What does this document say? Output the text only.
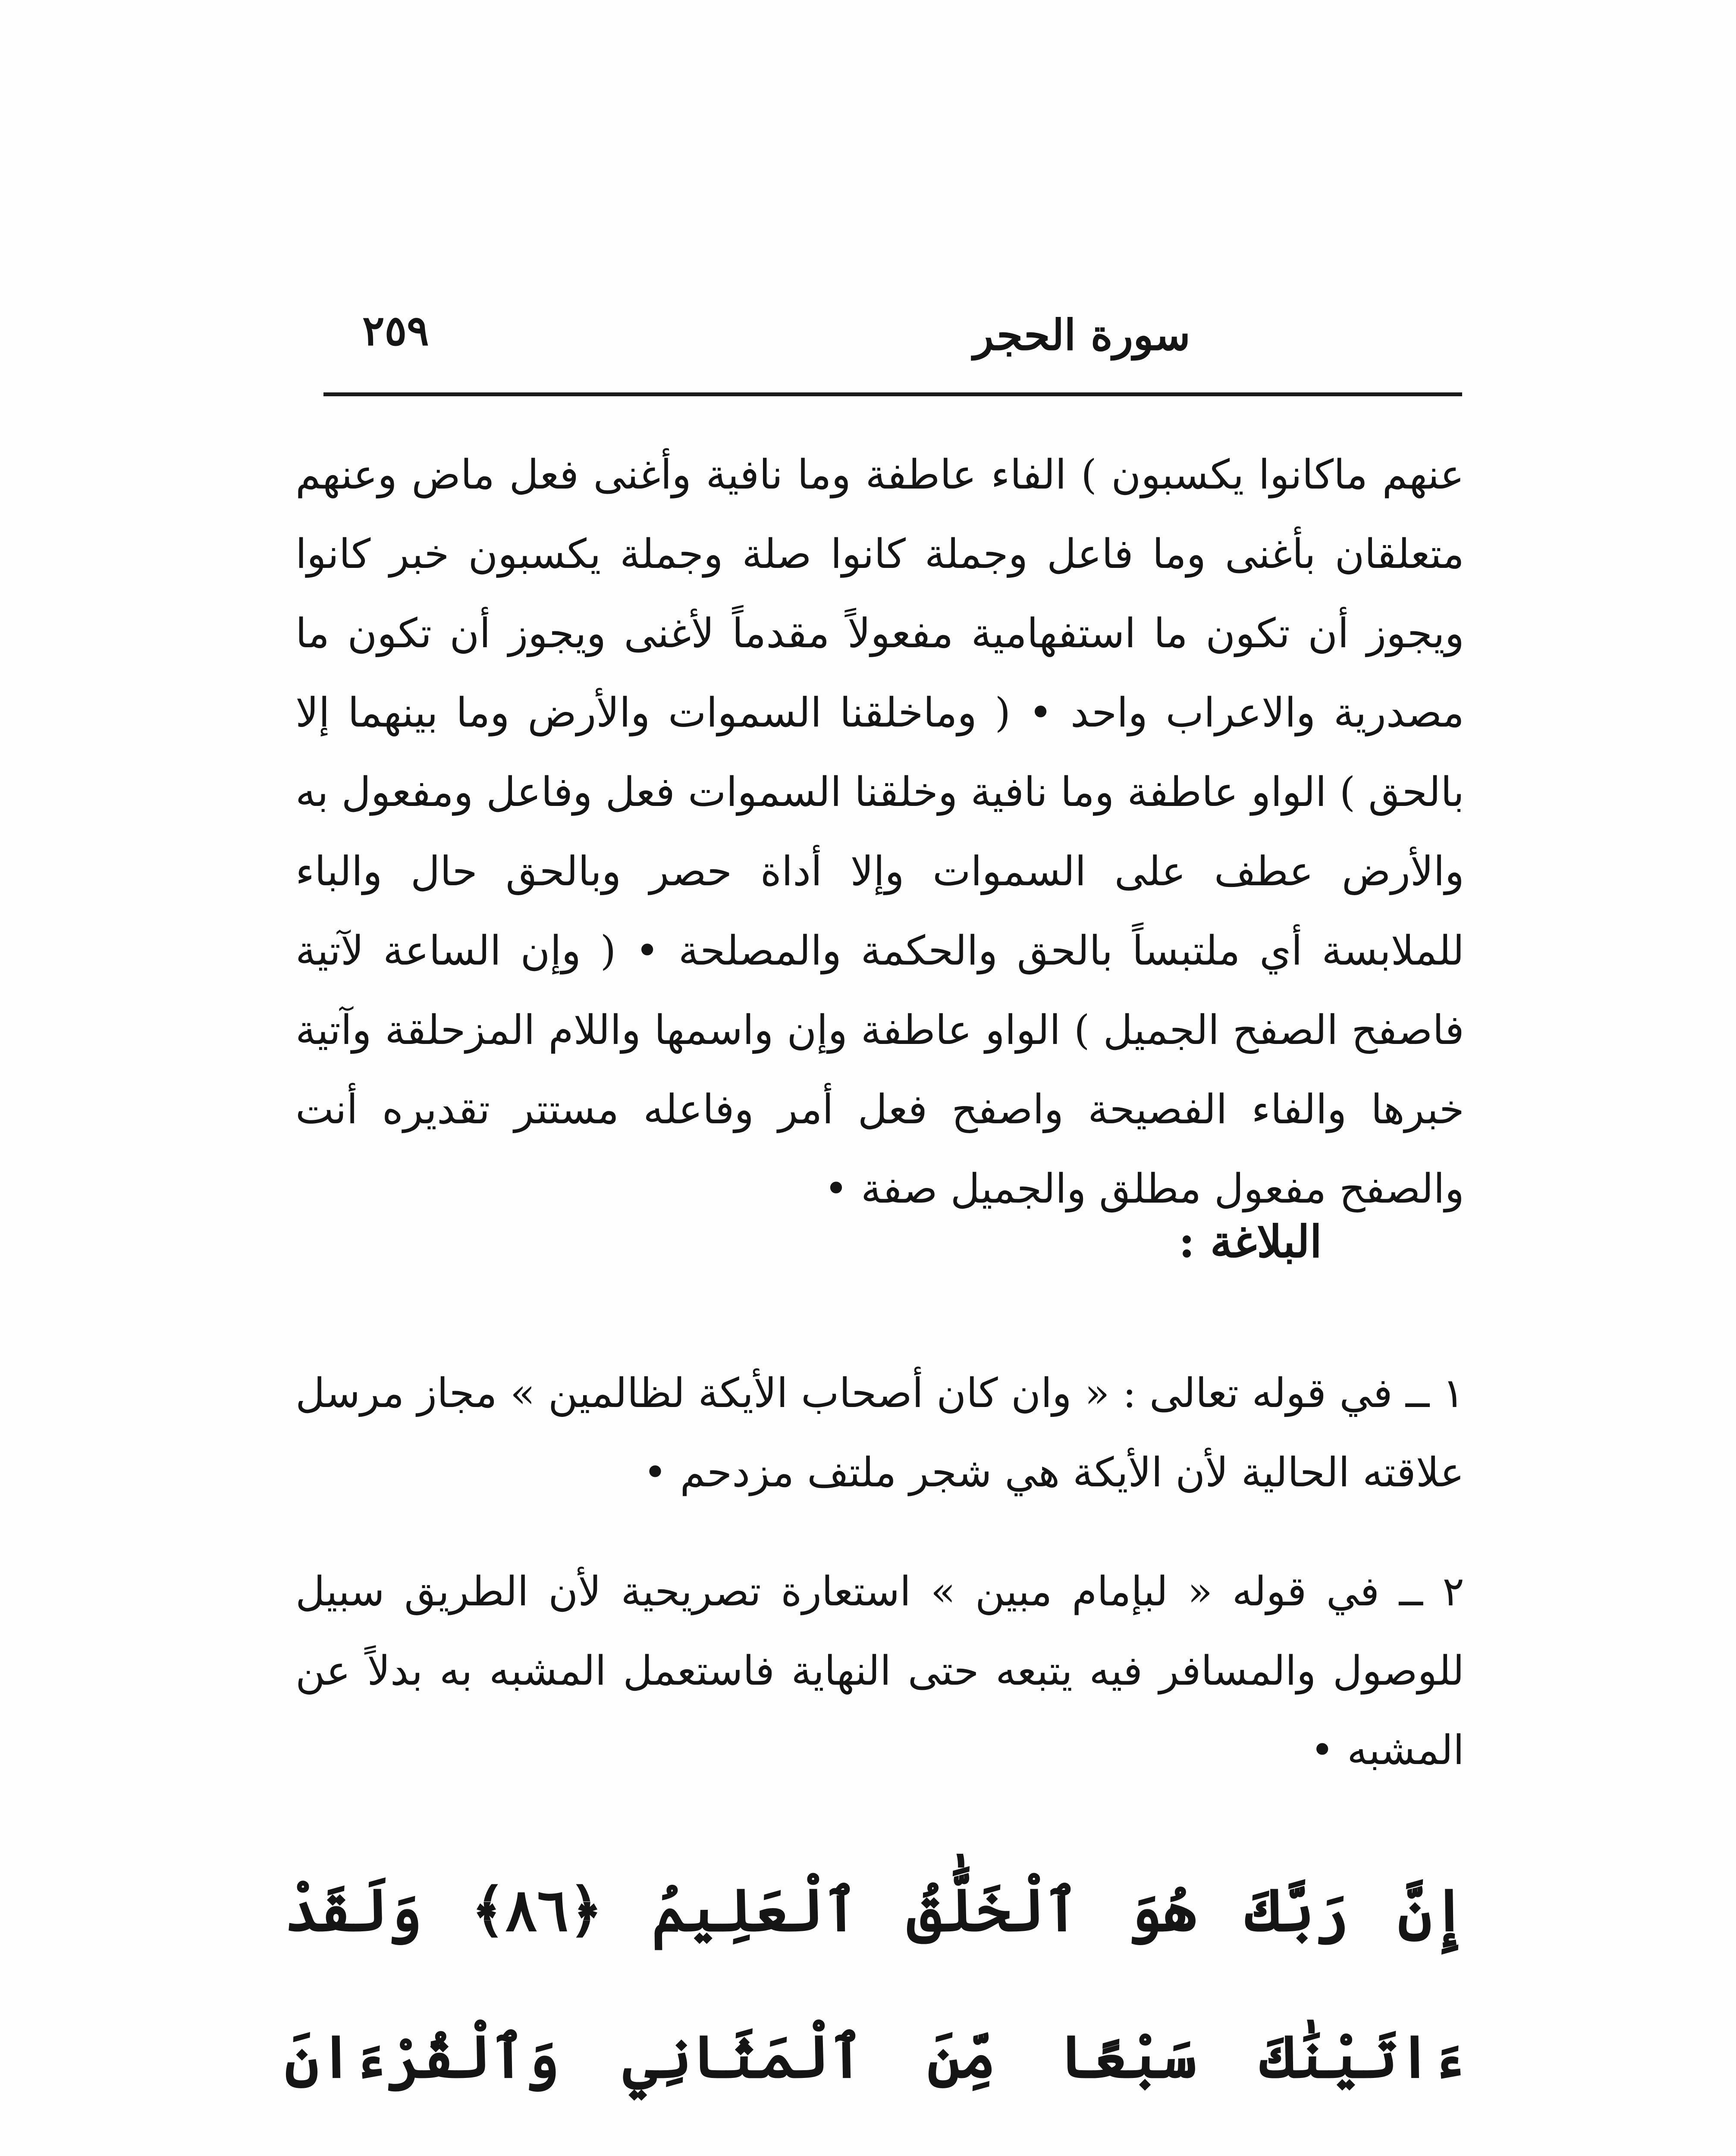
سورة الحجر
٢٥٩

عنهم ماكانوا يكسبون ) الفاء عاطفة وما نافية وأغنى فعل ماض وعنهم متعلقان بأغنى وما فاعل وجملة كانوا صلة وجملة يكسبون خبر كانوا ويجوز أن تكون ما استفهامية مفعولاً مقدماً لأغنى ويجوز أن تكون ما مصدرية والاعراب واحد • ( وماخلقنا السموات والأرض وما بينهما إلا بالحق ) الواو عاطفة وما نافية وخلقنا السموات فعل وفاعل ومفعول به والأرض عطف على السموات وإلا أداة حصر وبالحق حال والباء للملابسة أي ملتبساً بالحق والحكمة والمصلحة • ( وإن الساعة لآتية فاصفح الصفح الجميل ) الواو عاطفة وإن واسمها واللام المزحلقة وآتية خبرها والفاء الفصيحة واصفح فعل أمر وفاعله مستتر تقديره أنت والصفح مفعول مطلق والجميل صفة •

البلاغة :

١ ــ في قوله تعالى : « وان كان أصحاب الأيكة لظالمين » مجاز مرسل علاقته الحالية لأن الأيكة هي شجر ملتف مزدحم •

٢ ــ في قوله « لبإمام مبين » استعارة تصريحية لأن الطريق سبيل للوصول والمسافر فيه يتبعه حتى النهاية فاستعمل المشبه به بدلاً عن المشبه •

إِنَّ رَبَّكَ هُوَ ٱلْخَلَّٰقُ ٱلْعَلِيمُ ﴿٨٦﴾ وَلَقَدْ ءَاتَيْنَٰكَ سَبْعًا مِّنَ ٱلْمَثَانِي وَٱلْقُرْءَانَ
